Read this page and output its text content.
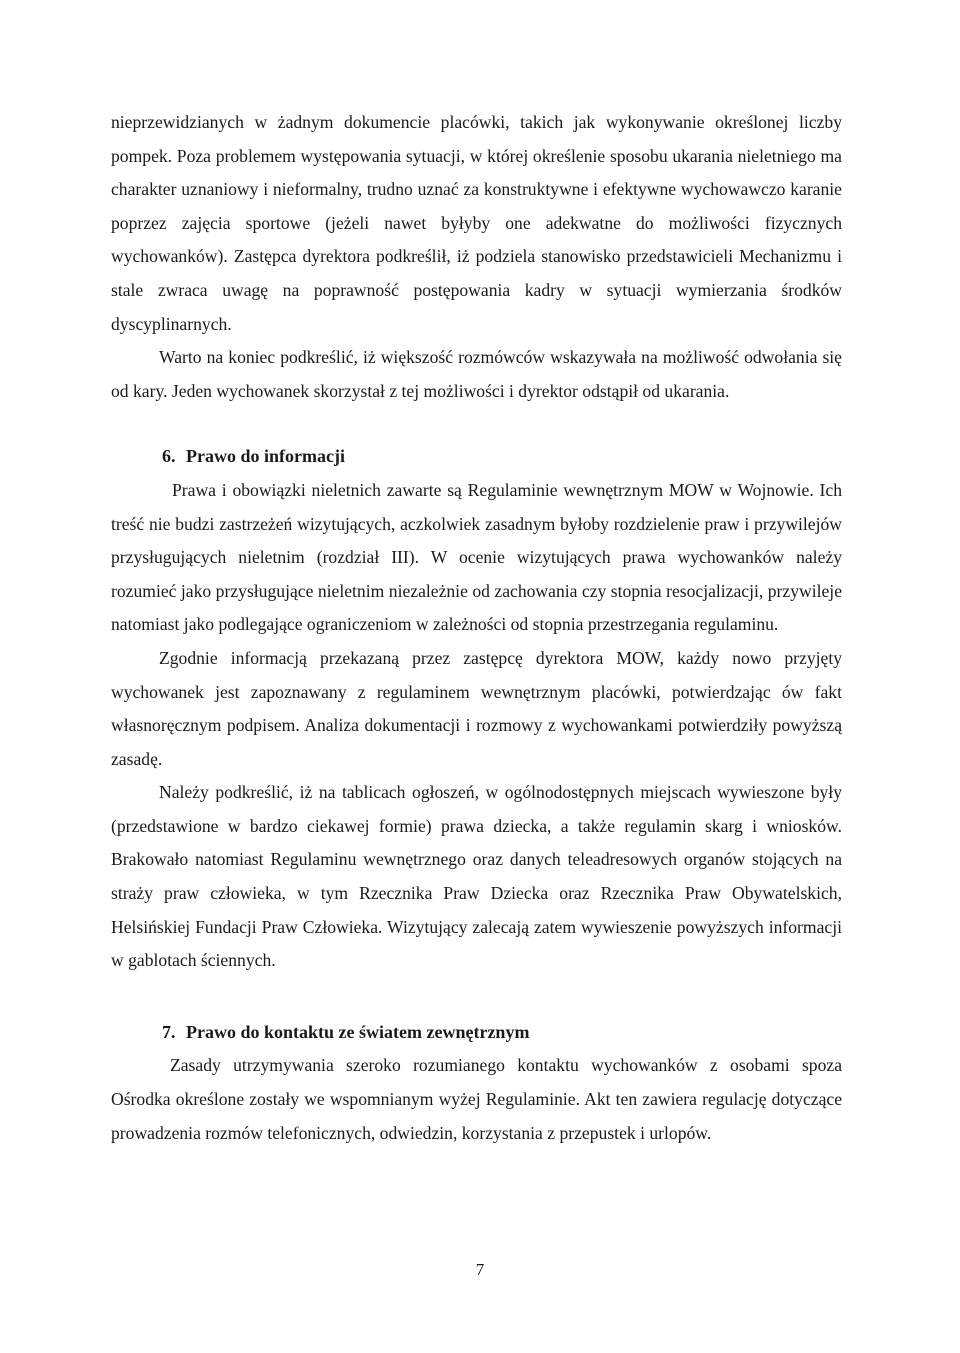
nieprzewidzianych w żadnym dokumencie placówki, takich jak wykonywanie określonej liczby pompek. Poza problemem występowania sytuacji, w której określenie sposobu ukarania nieletniego ma charakter uznaniowy i nieformalny, trudno uznać za konstruktywne i efektywne wychowawczo karanie poprzez zajęcia sportowe (jeżeli nawet byłyby one adekwatne do możliwości fizycznych wychowanków). Zastępca dyrektora podkreślił, iż podziela stanowisko przedstawicieli Mechanizmu i stale zwraca uwagę na poprawność postępowania kadry w sytuacji wymierzania środków dyscyplinarnych.

Warto na koniec podkreślić, iż większość rozmówców wskazywała na możliwość odwołania się od kary. Jeden wychowanek skorzystał z tej możliwości i dyrektor odstąpił od ukarania.

6. Prawo do informacji

Prawa i obowiązki nieletnich zawarte są Regulaminie wewnętrznym MOW w Wojnowie. Ich treść nie budzi zastrzeżeń wizytujących, aczkolwiek zasadnym byłoby rozdzielenie praw i przywilejów przysługujących nieletnim (rozdział III). W ocenie wizytujących prawa wychowanków należy rozumieć jako przysługujące nieletnim niezależnie od zachowania czy stopnia resocjalizacji, przywileje natomiast jako podlegające ograniczeniom w zależności od stopnia przestrzegania regulaminu.

Zgodnie informacją przekazaną przez zastępcę dyrektora MOW, każdy nowo przyjęty wychowanek jest zapoznawany z regulaminem wewnętrznym placówki, potwierdzając ów fakt własnoręcznym podpisem. Analiza dokumentacji i rozmowy z wychowankami potwierdziły powyższą zasadę.

Należy podkreślić, iż na tablicach ogłoszeń, w ogólnodostępnych miejscach wywieszone były (przedstawione w bardzo ciekawej formie) prawa dziecka, a także regulamin skarg i wniosków. Brakowało natomiast Regulaminu wewnętrznego oraz danych teleadresowych organów stojących na straży praw człowieka, w tym Rzecznika Praw Dziecka oraz Rzecznika Praw Obywatelskich, Helsińskiej Fundacji Praw Człowieka. Wizytujący zalecają zatem wywieszenie powyższych informacji w gablotach ściennych.

7. Prawo do kontaktu ze światem zewnętrznym

Zasady utrzymywania szeroko rozumianego kontaktu wychowanków z osobami spoza Ośrodka określone zostały we wspomnianym wyżej Regulaminie. Akt ten zawiera regulację dotyczące prowadzenia rozmów telefonicznych, odwiedzin, korzystania z przepustek i urlopów.

7
